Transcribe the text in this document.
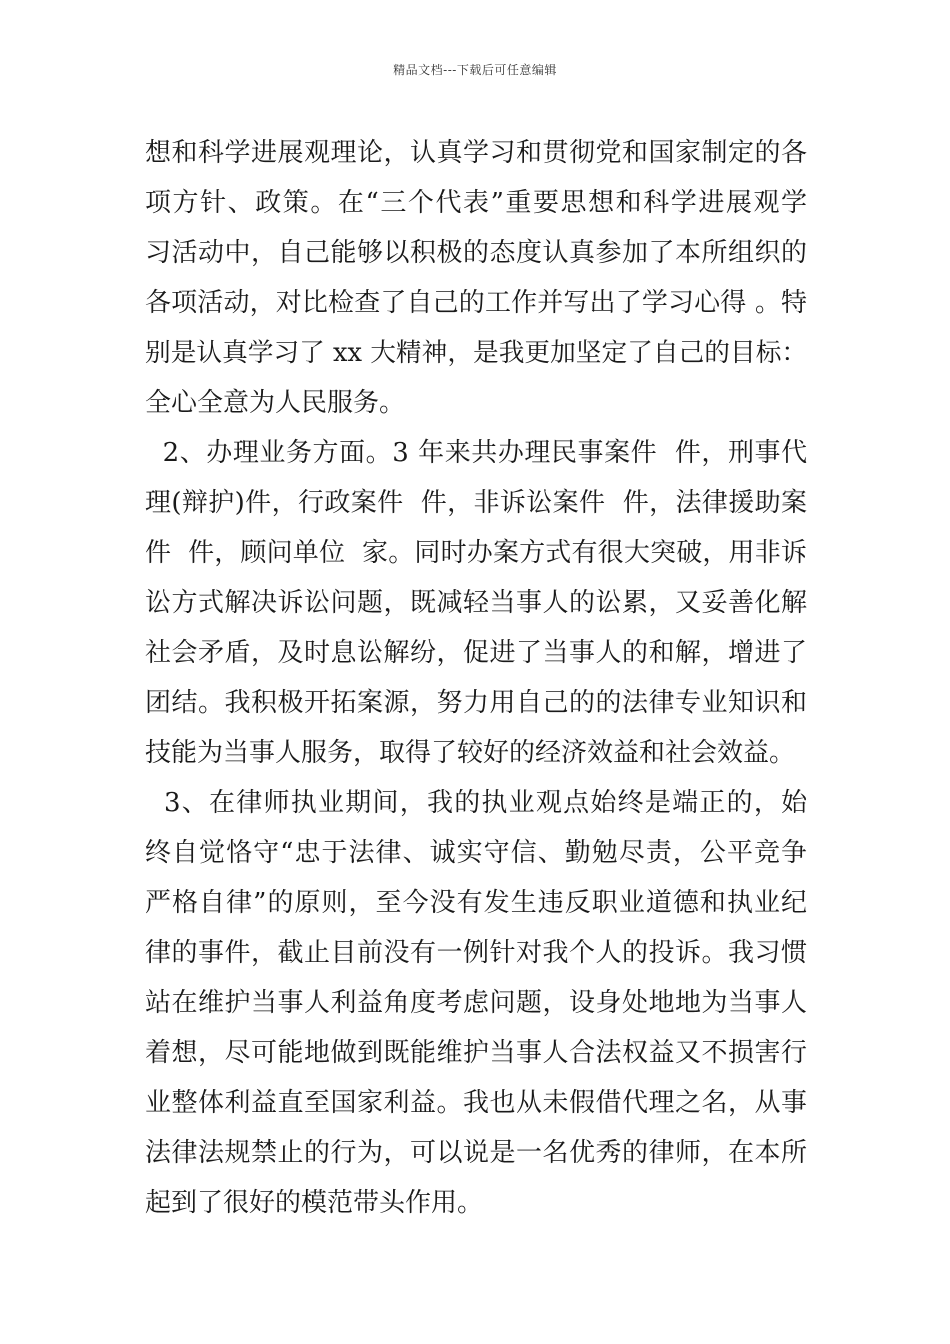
精品文档---下载后可任意编辑
想和科学进展观理论，认真学习和贯彻党和国家制定的各
项方针、政策。在“三个代表”重要思想和科学进展观学
习活动中，自己能够以积极的态度认真参加了本所组织的
各项活动，对比检查了自己的工作并写出了学习心得 。特
别是认真学习了 xx 大精神，是我更加坚定了自己的目标：
全心全意为人民服务。
2、办理业务方面。3 年来共办理民事案件  件，刑事代
理(辩护)件，行政案件  件，非诉讼案件  件，法律援助案
件  件，顾问单位  家。同时办案方式有很大突破，用非诉
讼方式解决诉讼问题，既减轻当事人的讼累，又妥善化解
社会矛盾，及时息讼解纷，促进了当事人的和解，增进了
团结。我积极开拓案源，努力用自己的的法律专业知识和
技能为当事人服务，取得了较好的经济效益和社会效益。
3、在律师执业期间，我的执业观点始终是端正的，始
终自觉恪守“忠于法律、诚实守信、勤勉尽责，公平竞争
严格自律”的原则，至今没有发生违反职业道德和执业纪
律的事件，截止目前没有一例针对我个人的投诉。我习惯
站在维护当事人利益角度考虑问题，设身处地地为当事人
着想，尽可能地做到既能维护当事人合法权益又不损害行
业整体利益直至国家利益。我也从未假借代理之名，从事
法律法规禁止的行为，可以说是一名优秀的律师，在本所
起到了很好的模范带头作用。
